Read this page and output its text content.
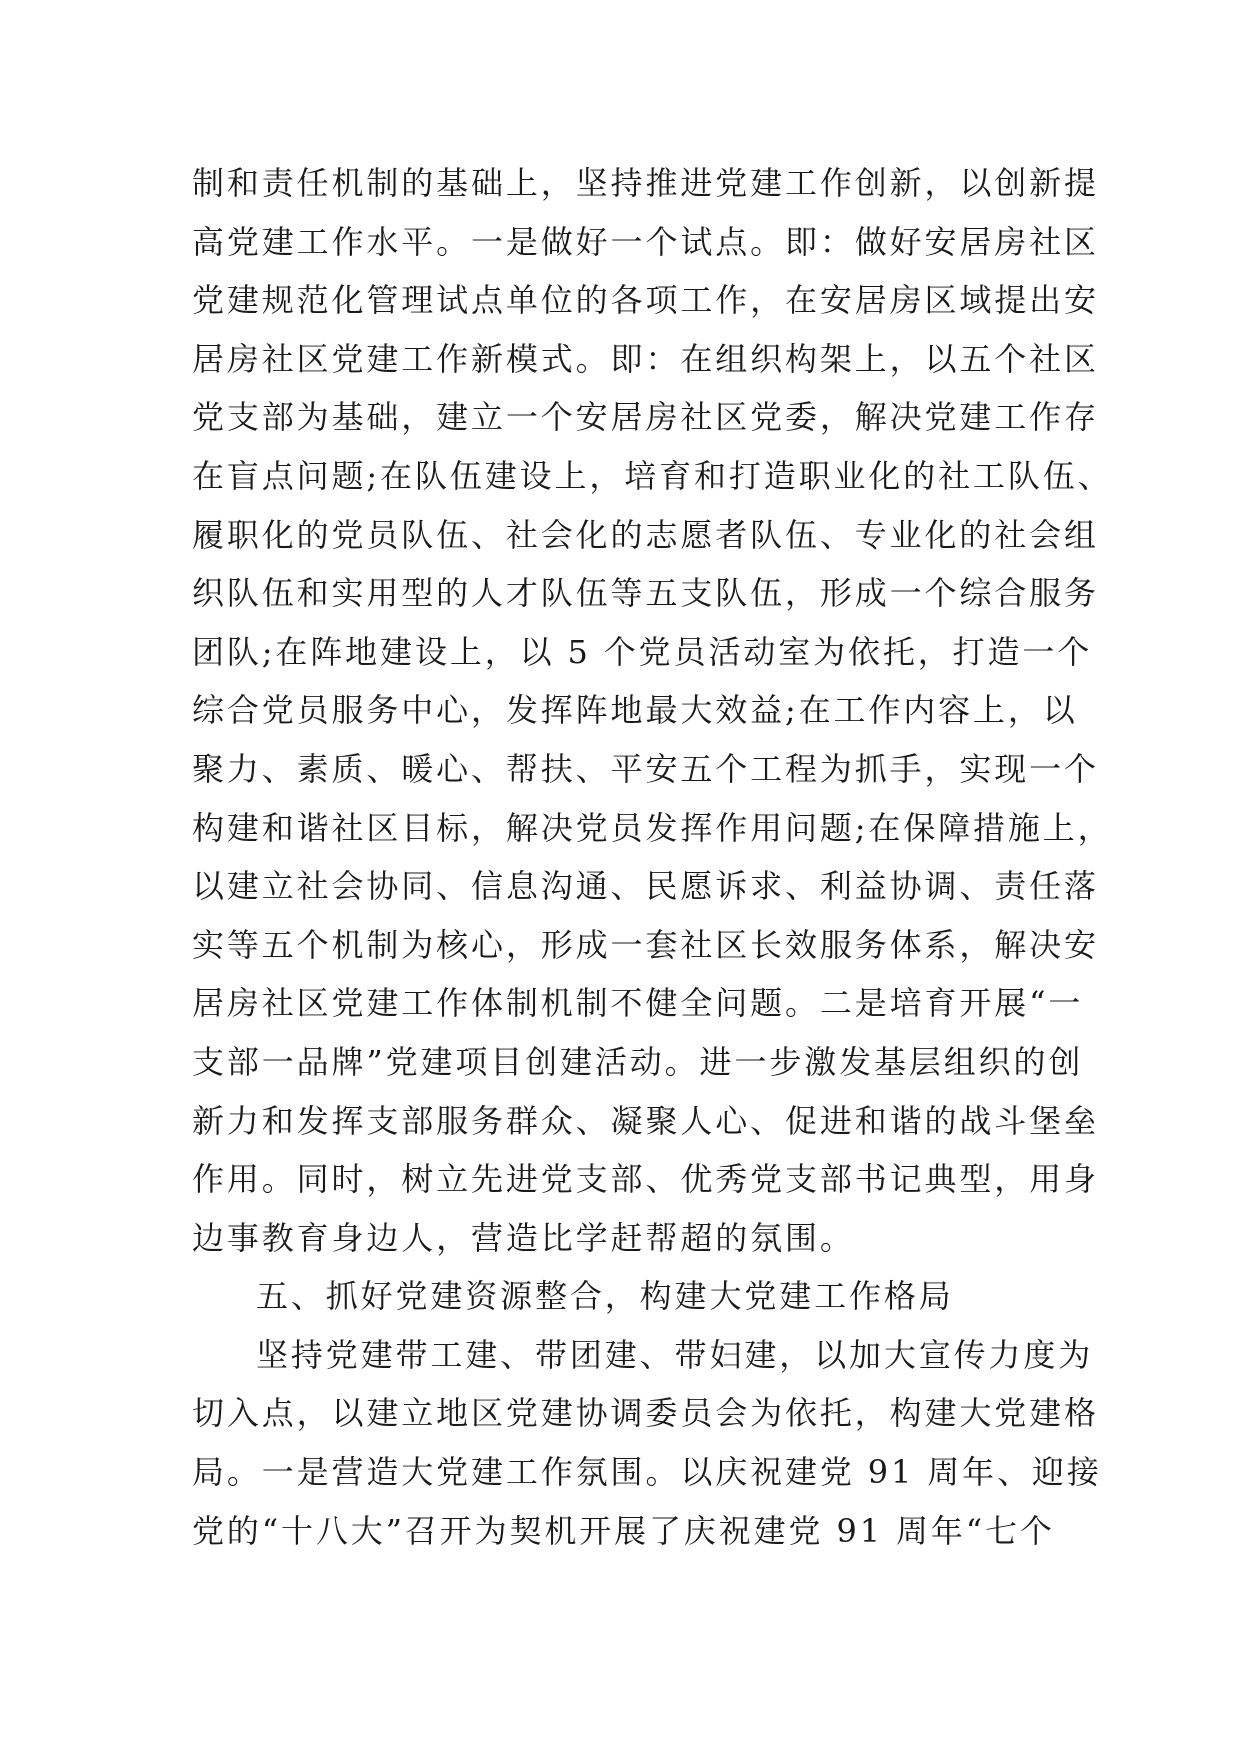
制和责任机制的基础上，坚持推进党建工作创新，以创新提
高党建工作水平。一是做好一个试点。即：做好安居房社区
党建规范化管理试点单位的各项工作，在安居房区域提出安
居房社区党建工作新模式。即：在组织构架上，以五个社区
党支部为基础，建立一个安居房社区党委，解决党建工作存
在盲点问题;在队伍建设上，培育和打造职业化的社工队伍、
履职化的党员队伍、社会化的志愿者队伍、专业化的社会组
织队伍和实用型的人才队伍等五支队伍，形成一个综合服务
团队;在阵地建设上，以 5 个党员活动室为依托，打造一个
综合党员服务中心，发挥阵地最大效益;在工作内容上，以
聚力、素质、暖心、帮扶、平安五个工程为抓手，实现一个
构建和谐社区目标，解决党员发挥作用问题;在保障措施上，
以建立社会协同、信息沟通、民愿诉求、利益协调、责任落
实等五个机制为核心，形成一套社区长效服务体系，解决安
居房社区党建工作体制机制不健全问题。二是培育开展“一
支部一品牌”党建项目创建活动。进一步激发基层组织的创
新力和发挥支部服务群众、凝聚人心、促进和谐的战斗堡垒
作用。同时，树立先进党支部、优秀党支部书记典型，用身
边事教育身边人，营造比学赶帮超的氛围。
五、抓好党建资源整合，构建大党建工作格局
坚持党建带工建、带团建、带妇建，以加大宣传力度为
切入点，以建立地区党建协调委员会为依托，构建大党建格
局。一是营造大党建工作氛围。以庆祝建党 91 周年、迎接
党的“十八大”召开为契机开展了庆祝建党 91 周年“七个
